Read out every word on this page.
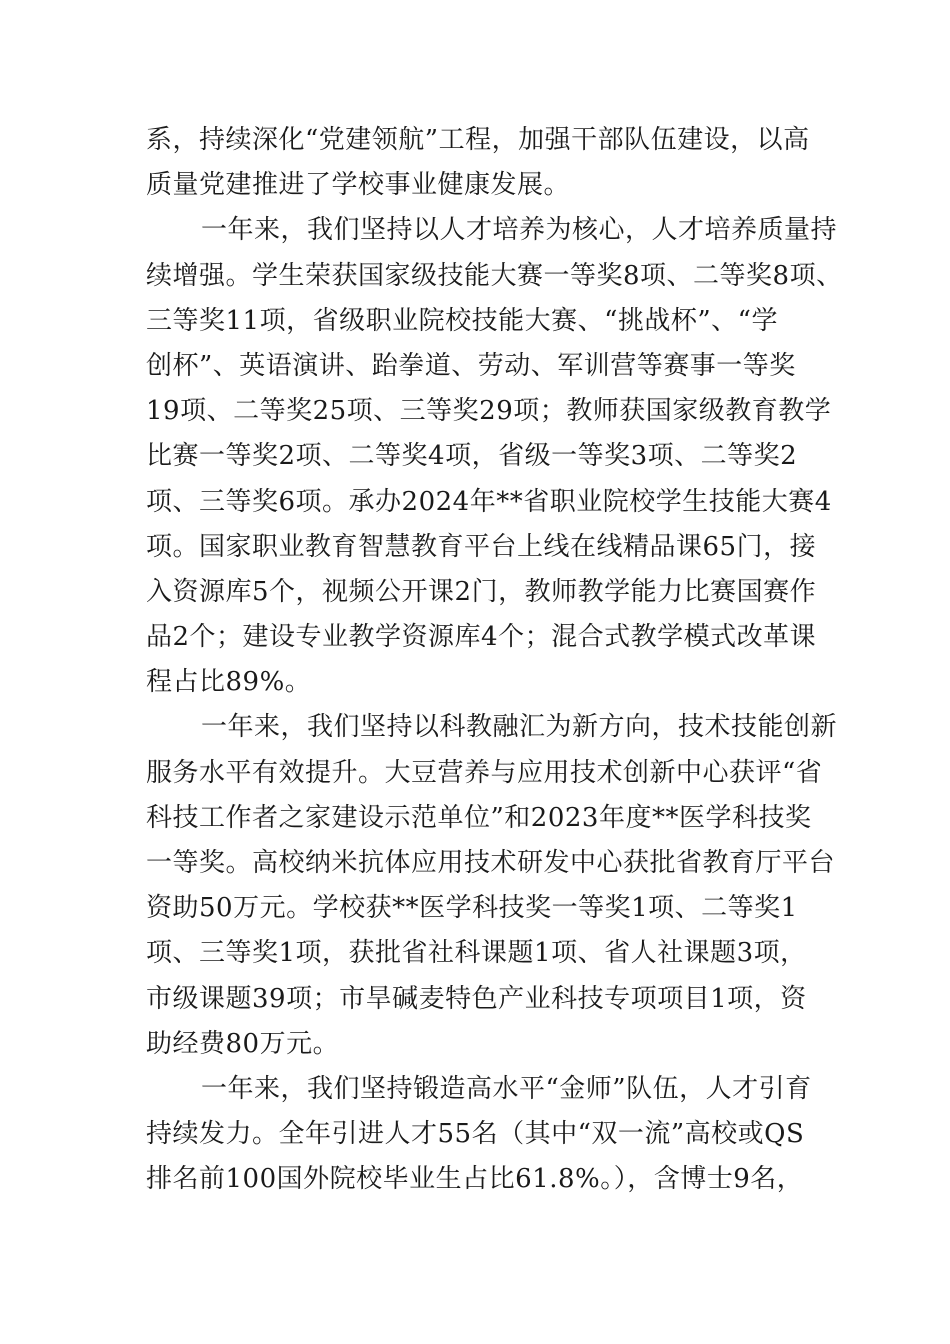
系，持续深化“党建领航”工程，加强干部队伍建设，以高
质量党建推进了学校事业健康发展。
一年来，我们坚持以人才培养为核心，人才培养质量持
续增强。学生荣获国家级技能大赛一等奖8项、二等奖8项、
三等奖11项，省级职业院校技能大赛、“挑战杯”、“学
创杯”、英语演讲、跆拳道、劳动、军训营等赛事一等奖
19项、二等奖25项、三等奖29项；教师获国家级教育教学
比赛一等奖2项、二等奖4项，省级一等奖3项、二等奖2
项、三等奖6项。承办2024年**省职业院校学生技能大赛4
项。国家职业教育智慧教育平台上线在线精品课65门，接
入资源库5个，视频公开课2门，教师教学能力比赛国赛作
品2个；建设专业教学资源库4个；混合式教学模式改革课
程占比89%。
一年来，我们坚持以科教融汇为新方向，技术技能创新
服务水平有效提升。大豆营养与应用技术创新中心获评“省
科技工作者之家建设示范单位”和2023年度**医学科技奖
一等奖。高校纳米抗体应用技术研发中心获批省教育厅平台
资助50万元。学校获**医学科技奖一等奖1项、二等奖1
项、三等奖1项，获批省社科课题1项、省人社课题3项，
市级课题39项；市旱碱麦特色产业科技专项项目1项，资
助经费80万元。
一年来，我们坚持锻造高水平“金师”队伍，人才引育
持续发力。全年引进人才55名（其中“双一流”高校或QS
排名前100国外院校毕业生占比61.8%。），含博士9名，
